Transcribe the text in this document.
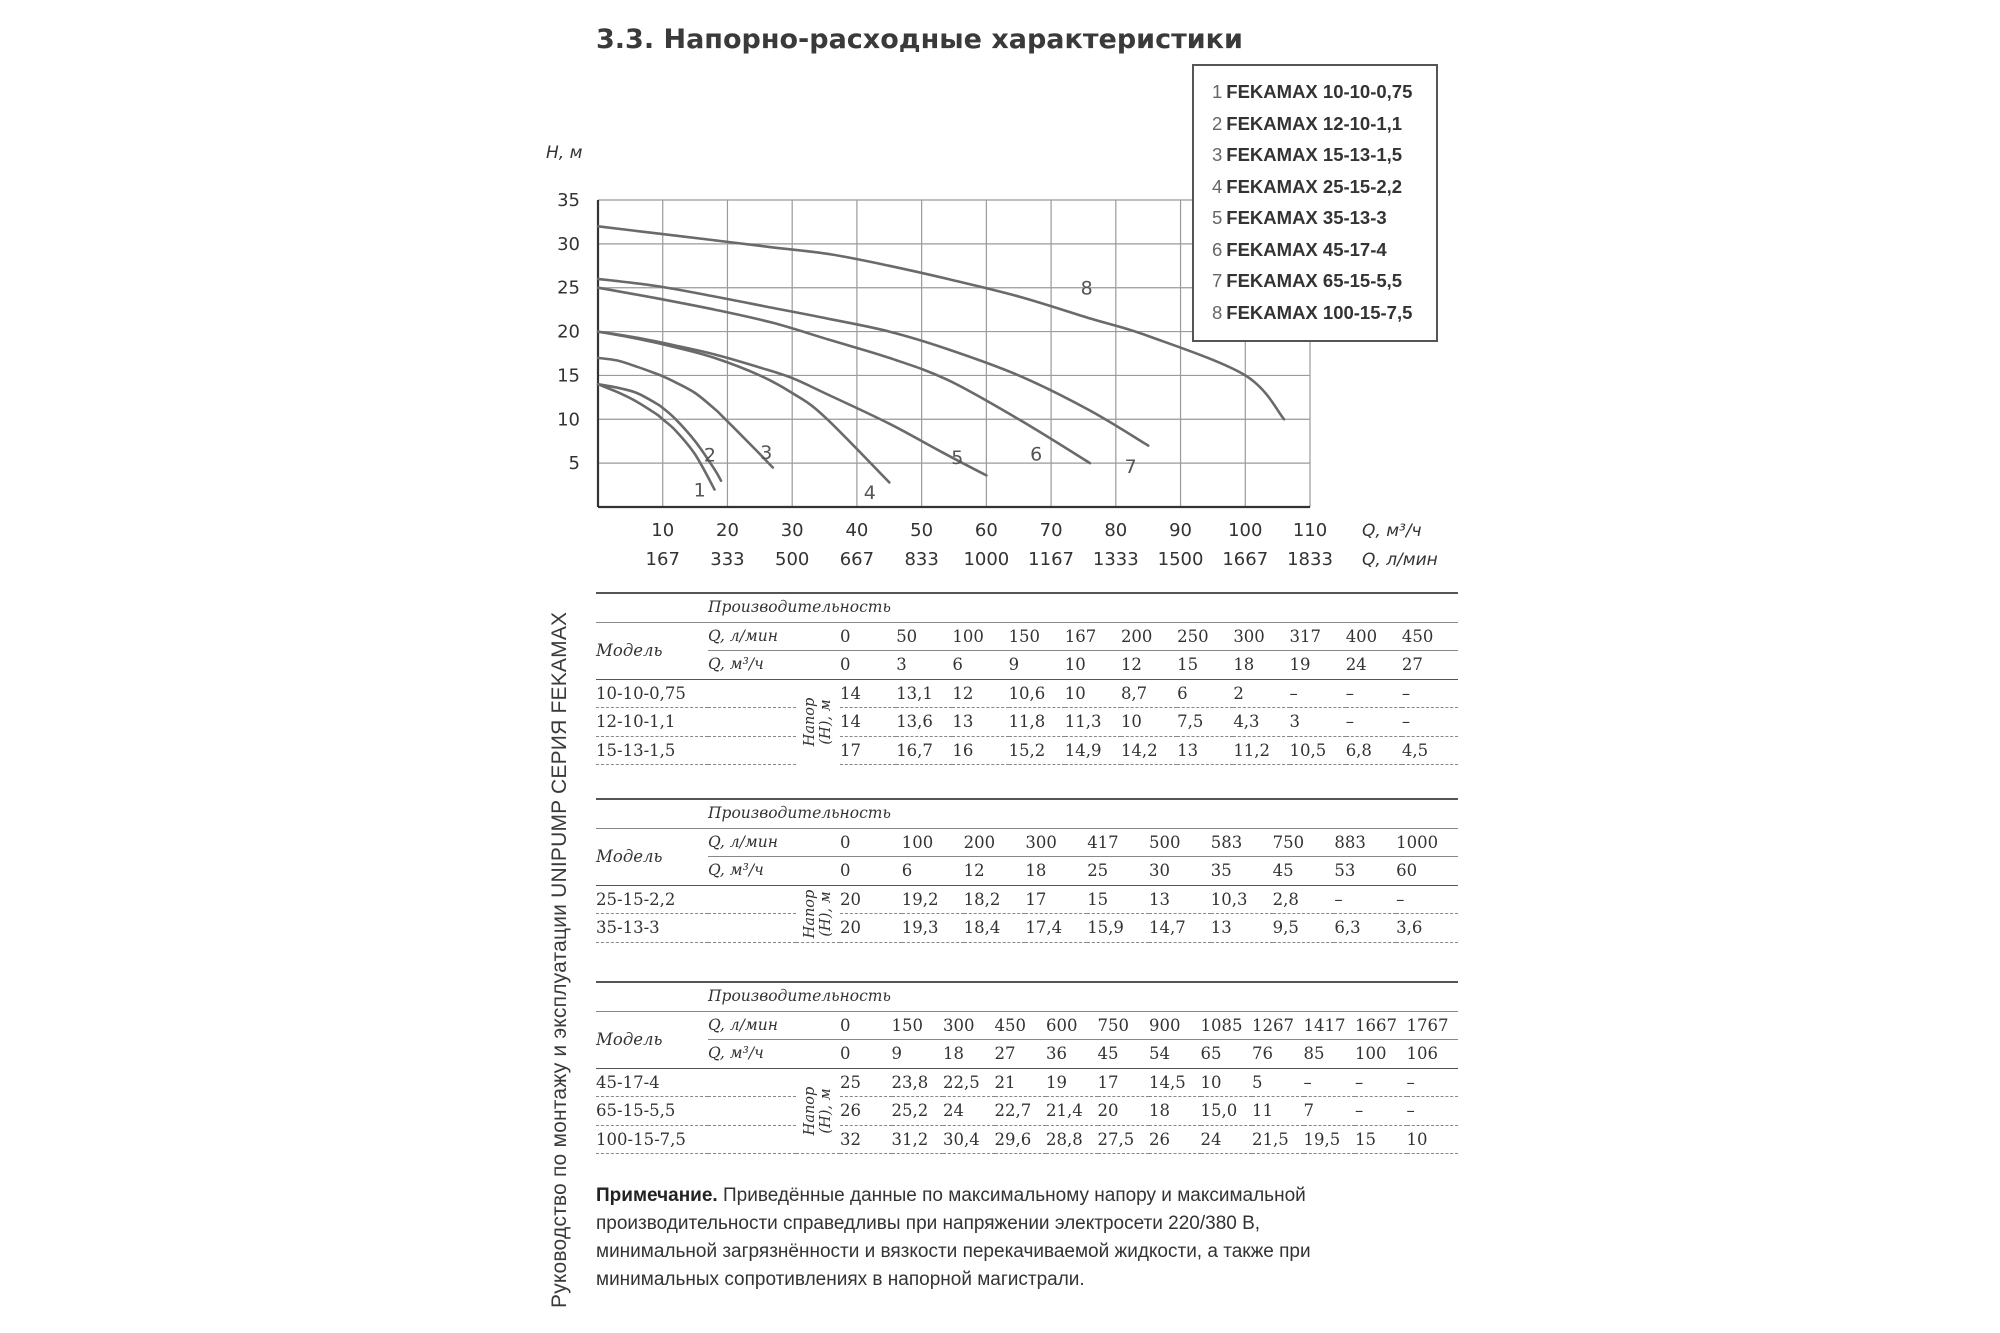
3.3. Напорно-расходные характеристики
Руководство по монтажу и эксплуатации UNIPUMP СЕРИЯ FEKAMAX
5
10
15
20
25
30
35
10
167
20
333
30
500
40
667
50
833
60
1000
70
1167
80
1333
90
1500
100
1667
110
1833
1
2 3
4
5	6
7
8
H, м
Q, м³/ч
Q, л/мин
1 FEKAMAX 10-10-0,75
2 FEKAMAX 12-10-1,1
3 FEKAMAX 15-13-1,5
4 FEKAMAX 25-15-2,2
5 FEKAMAX 35-13-3
6 FEKAMAX 45-17-4
7 FEKAMAX 65-15-5,5
8 FEKAMAX 100-15-7,5
	Производительность												
Модель	Q, л/мин		0	50	100	150	167	200	250	300	317	400	450
	Q, м³/ч		0	3	6	9	10	12	15	18	19	24	27
10-10-0,75		Напор (H), м	14	13,1	12	10,6	10	8,7	6	2	–	–	–
12-10-1,1			14	13,6	13	11,8	11,3	10	7,5	4,3	3	–	–
15-13-1,5			17	16,7	16	15,2	14,9	14,2	13	11,2	10,5	6,8	4,5
	Производительность											
Модель	Q, л/мин		0	100	200	300	417	500	583	750	883	1000
	Q, м³/ч		0	6	12	18	25	30	35	45	53	60
25-15-2,2		Напор (H), м	20	19,2	18,2	17	15	13	10,3	2,8	–	–
35-13-3			20	19,3	18,4	17,4	15,9	14,7	13	9,5	6,3	3,6
	Производительность													
Модель	Q, л/мин		0	150	300	450	600	750	900	1085	1267	1417	1667	1767
	Q, м³/ч		0	9	18	27	36	45	54	65	76	85	100	106
45-17-4		Напор (H), м	25	23,8	22,5	21	19	17	14,5	10	5	–	–	–
65-15-5,5			26	25,2	24	22,7	21,4	20	18	15,0	11	7	–	–
100-15-7,5			32	31,2	30,4	29,6	28,8	27,5	26	24	21,5	19,5	15	10

Примечание. Приведённые данные по максимальному напору и максимальной производительности справедливы при напряжении электросети 220/380 В, минимальной загрязнённости и вязкости перекачиваемой жидкости, а также при минимальных сопротивлениях в напорной магистрали.
